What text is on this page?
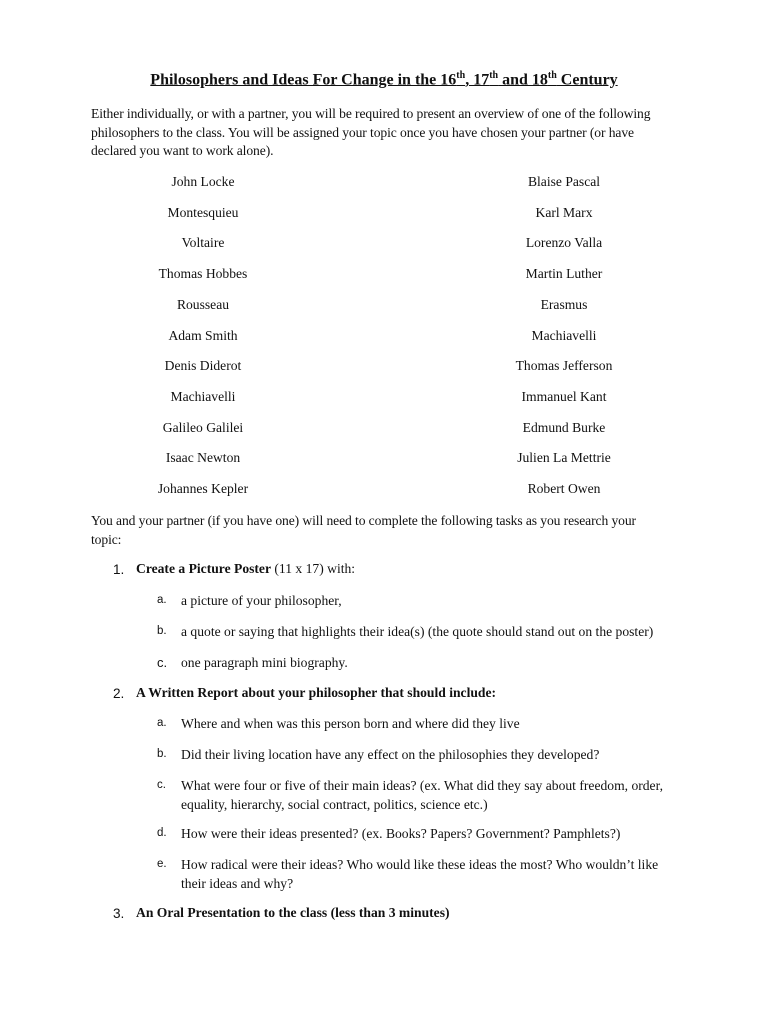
Philosophers and Ideas For Change in the 16th, 17th and 18th Century
Either individually, or with a partner, you will be required to present an overview of one of the following
philosophers to the class. You will be assigned your topic once you have chosen your partner (or have
declared you want to work alone).
John Locke
Montesquieu
Voltaire
Thomas Hobbes
Rousseau
Adam Smith
Denis Diderot
Machiavelli
Galileo Galilei
Isaac Newton
Johannes Kepler
Blaise Pascal
Karl Marx
Lorenzo Valla
Martin Luther
Erasmus
Machiavelli
Thomas Jefferson
Immanuel Kant
Edmund Burke
Julien La Mettrie
Robert Owen
You and your partner (if you have one) will need to complete the following tasks as you research your
topic:
1. Create a Picture Poster (11 x 17) with:
a. a picture of your philosopher,
b. a quote or saying that highlights their idea(s) (the quote should stand out on the poster)
c. one paragraph mini biography.
2. A Written Report about your philosopher that should include:
a. Where and when was this person born and where did they live
b. Did their living location have any effect on the philosophies they developed?
c. What were four or five of their main ideas? (ex. What did they say about freedom, order,
equality, hierarchy, social contract, politics, science etc.)
d. How were their ideas presented? (ex. Books? Papers? Government? Pamphlets?)
e. How radical were their ideas? Who would like these ideas the most? Who wouldn’t like
their ideas and why?
3. An Oral Presentation to the class (less than 3 minutes)
